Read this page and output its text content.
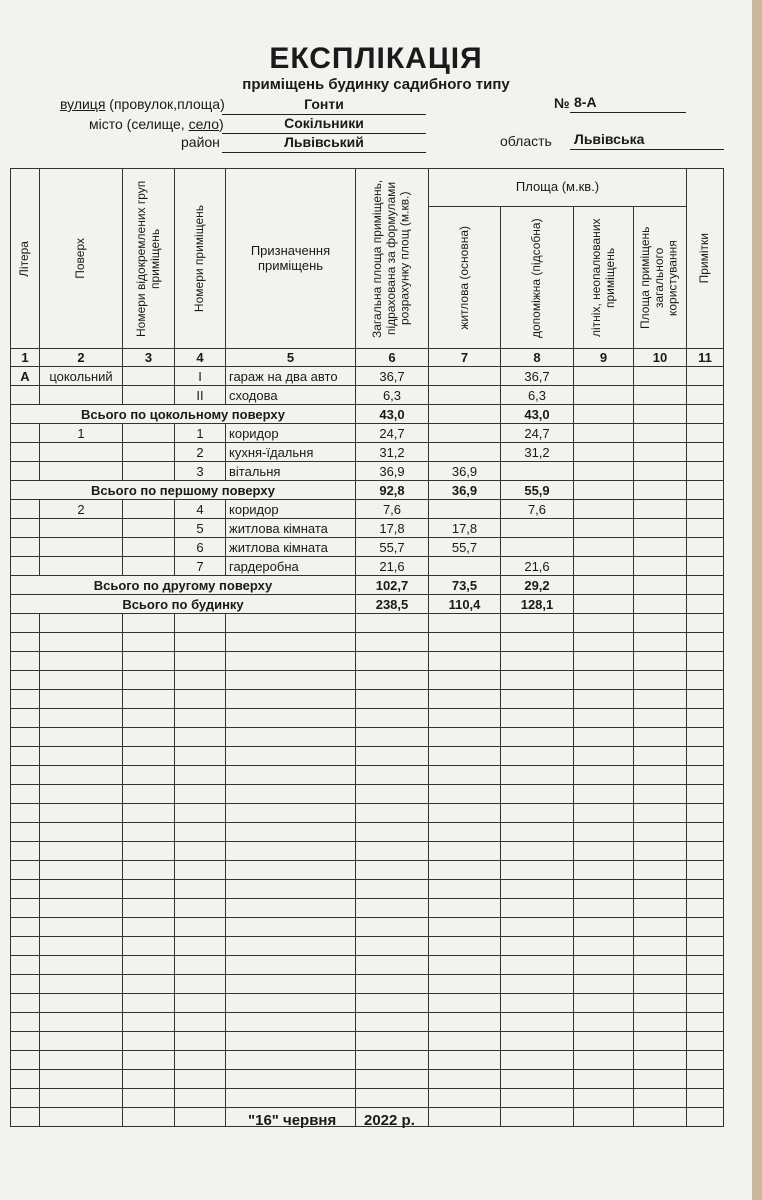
ЕКСПЛІКАЦІЯ
приміщень будинку садибного типу
вулиця (провулок,площа)	Гонти	№ 8-А
місто (селище, село)	Сокільники
район	Львівський	область Львівська
Літера	Поверх	Номери відокремлених груп приміщень	Номери приміщень	Призначення приміщень	Загальна площа приміщень, підрахована за формулами розрахунку площ (м.кв.)	Площа (м.кв.)				Примітки

						житлова (основна)	допоміжна (підсобна)	літніх, неопалюваних приміщень	Площа приміщень загального користування	

1	2	3	4	5	6	7	8	9	10	11
А	цокольний		I	гараж на два авто	36,7		36,7			
			II	сходова	6,3		6,3			
Всього по цокольному поверху					43,0		43,0			
	1		1	коридор	24,7		24,7			
			2	кухня-їдальня	31,2		31,2			
			3	вітальня	36,9	36,9				
Всього по першому поверху					92,8	36,9	55,9			
	2		4	коридор	7,6		7,6			
			5	житлова кімната	17,8	17,8				
			6	житлова кімната	55,7	55,7				
			7	гардеробна	21,6		21,6			
Всього по другому поверху					102,7	73,5	29,2			
Всього по будинку					238,5	110,4	128,1			

"16" червня 2022 р.
